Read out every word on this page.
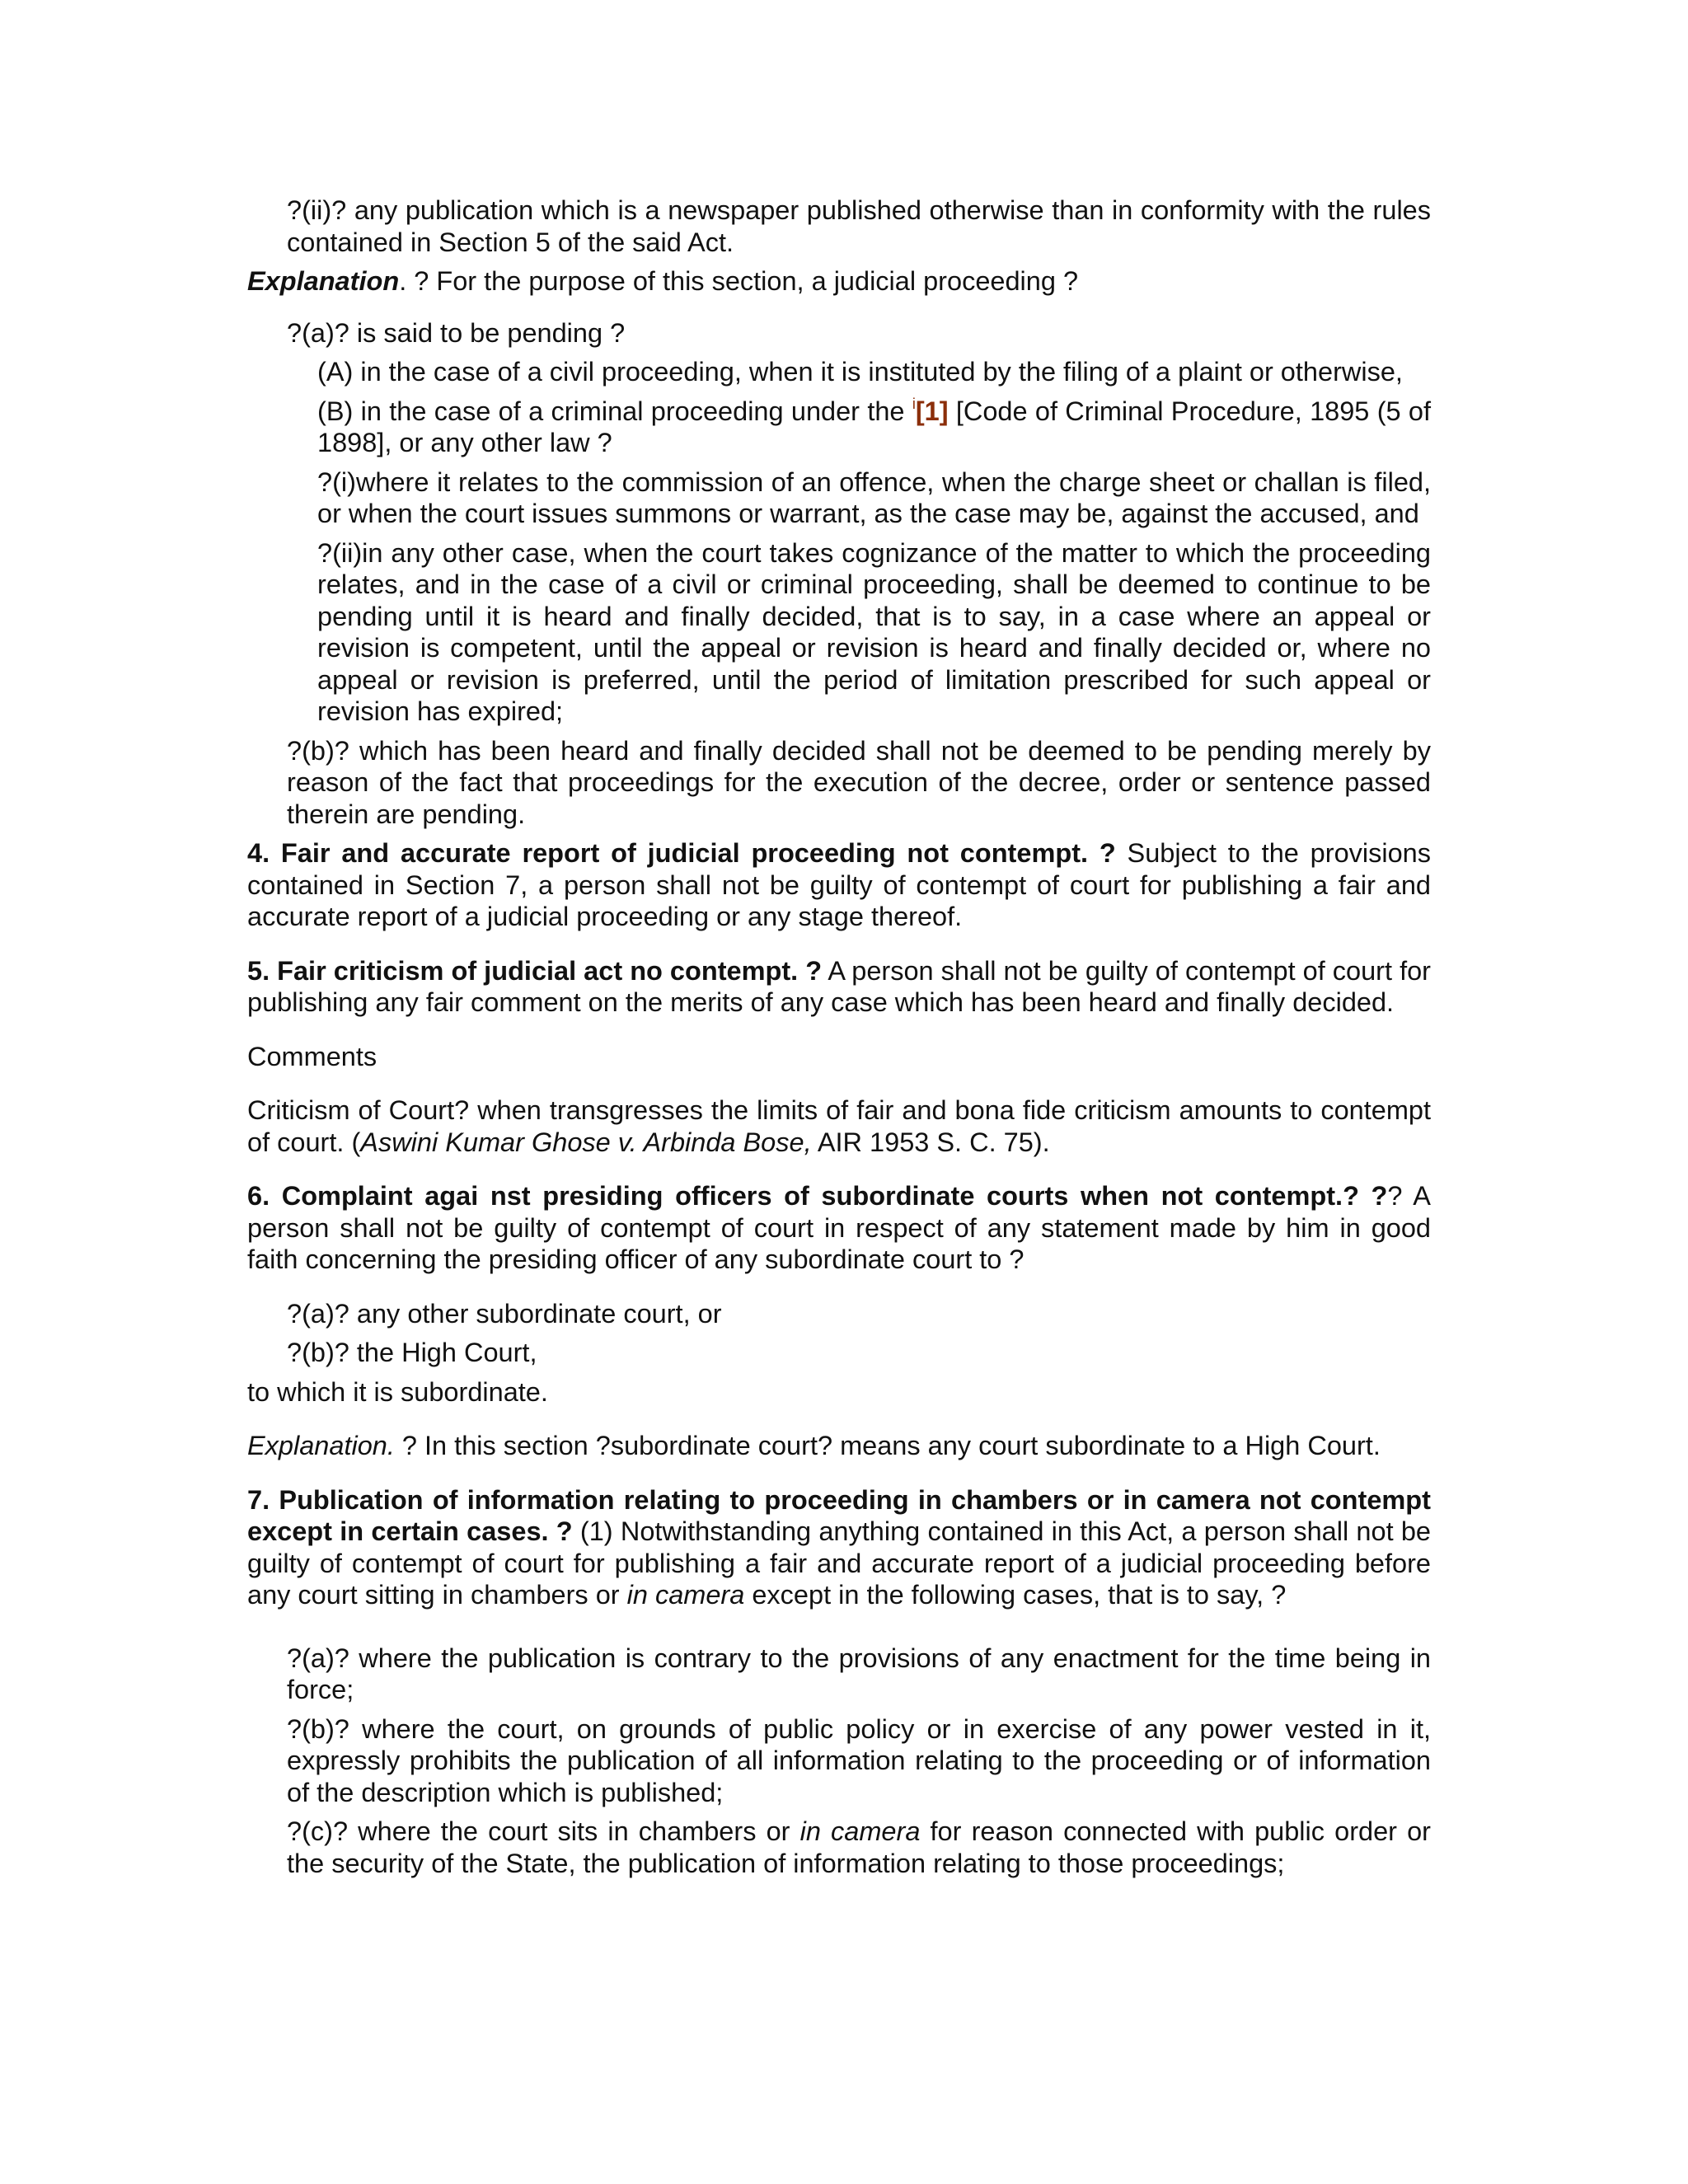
?(ii)? any publication which is a newspaper published otherwise than in conformity with the rules contained in Section 5 of the said Act.

Explanation. ? For the purpose of this section, a judicial proceeding ?

?(a)? is said to be pending ?

(A) in the case of a civil proceeding, when it is instituted by the filing of a plaint or otherwise,

(B) in the case of a criminal proceeding under the $^i$[1] [Code of Criminal Procedure, 1895 (5 of 1898], or any other law ?

?(i)where it relates to the commission of an offence, when the charge sheet or challan is filed, or when the court issues summons or warrant, as the case may be, against the accused, and

?(ii)in any other case, when the court takes cognizance of the matter to which the proceeding relates, and in the case of a civil or criminal proceeding, shall be deemed to continue to be pending until it is heard and finally decided, that is to say, in a case where an appeal or revision is competent, until the appeal or revision is heard and finally decided or, where no appeal or revision is preferred, until the period of limitation prescribed for such appeal or revision has expired;

?(b)? which has been heard and finally decided shall not be deemed to be pending merely by reason of the fact that proceedings for the execution of the decree, order or sentence passed therein are pending.

4. Fair and accurate report of judicial proceeding not contempt. ? Subject to the provisions contained in Section 7, a person shall not be guilty of contempt of court for publishing a fair and accurate report of a judicial proceeding or any stage thereof.

5. Fair criticism of judicial act no contempt. ? A person shall not be guilty of contempt of court for publishing any fair comment on the merits of any case which has been heard and finally decided.

Comments

Criticism of Court? when transgresses the limits of fair and bona fide criticism amounts to contempt of court. (Aswini Kumar Ghose v. Arbinda Bose, AIR 1953 S. C. 75).

6. Complaint agai nst presiding officers of subordinate courts when not contempt.? ?? A person shall not be guilty of contempt of court in respect of any statement made by him in good faith concerning the presiding officer of any subordinate court to ?

?(a)? any other subordinate court, or

?(b)? the High Court,

to which it is subordinate.

Explanation. ? In this section ?subordinate court? means any court subordinate to a High Court.

7. Publication of information relating to proceeding in chambers or in camera not contempt except in certain cases. ? (1) Notwithstanding anything contained in this Act, a person shall not be guilty of contempt of court for publishing a fair and accurate report of a judicial proceeding before any court sitting in chambers or in camera except in the following cases, that is to say, ?

?(a)? where the publication is contrary to the provisions of any enactment for the time being in force;

?(b)? where the court, on grounds of public policy or in exercise of any power vested in it, expressly prohibits the publication of all information relating to the proceeding or of information of the description which is published;

?(c)? where the court sits in chambers or in camera for reason connected with public order or the security of the State, the publication of information relating to those proceedings;
